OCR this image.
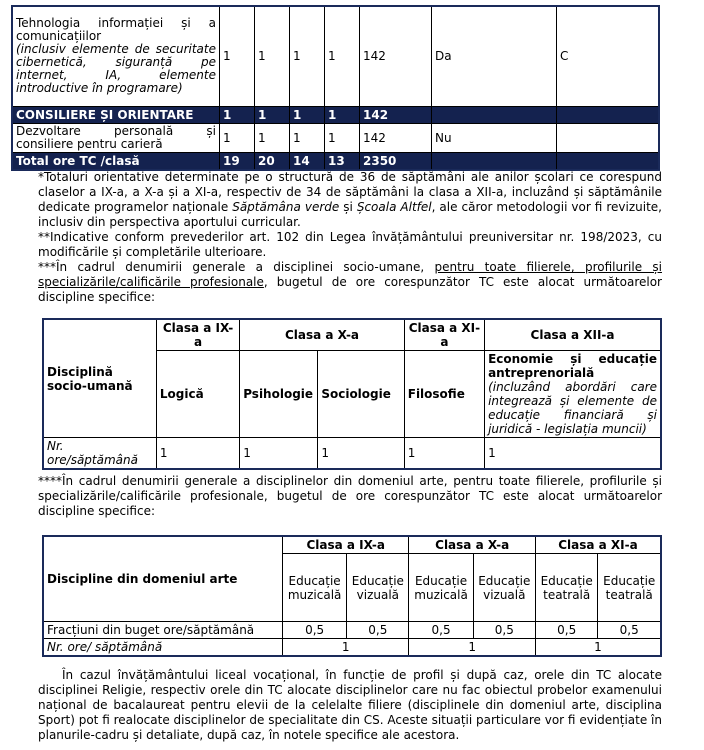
Tehnologia informației și a comunicațiilor
(inclusiv elemente de securitate cibernetică, siguranță pe internet, IA, elemente introductive în programare)	1	1	1	1	142	Da	C
CONSILIERE ȘI ORIENTARE	1	1	1	1	142		
Dezvoltare personală și consiliere pentru carieră	1	1	1	1	142	Nu	
Total ore TC /clasă	19	20	14	13	2350		

*Totaluri orientative determinate pe o structură de 36 de săptămâni ale anilor școlari ce corespund claselor a IX-a, a X-a și a XI-a, respectiv de 34 de săptămâni la clasa a XII-a, incluzând și săptămânile dedicate programelor naționale Săptămâna verde și Școala Altfel, ale căror metodologii vor fi revizuite, inclusiv din perspectiva aportului curricular.

**Indicative conform prevederilor art. 102 din Legea învățământului preuniversitar nr. 198/2023, cu modificările și completările ulterioare.

***În cadrul denumirii generale a disciplinei socio-umane, pentru toate filierele, profilurile și specializările/calificările profesionale, bugetul de ore corespunzător TC este alocat următoarelor discipline specifice:

Disciplină socio-umană	Clasa a IX-a	Clasa a X-a		Clasa a XI-a	Clasa a XII-a
	Logică	Psihologie	Sociologie	Filosofie	Economie și educație antreprenorială
(incluzând abordări care integrează și elemente de educație financiară și juridică - legislația muncii)
Nr. ore/săptămână	1	1	1	1	1
****În cadrul denumirii generale a disciplinelor din domeniul arte, pentru toate filierele, profilurile și specializările/calificările profesionale, bugetul de ore corespunzător TC este alocat următoarelor discipline specifice:
Discipline din domeniul arte	Clasa a IX-a		Clasa a X-a		Clasa a XI-a	
	Educație muzicală	Educație vizuală	Educație muzicală	Educație vizuală	Educație teatrală	Educație teatrală
Fracțiuni din buget ore/săptămână	0,5	0,5	0,5	0,5	0,5	0,5
Nr. ore/ săptămână	1		1		1	
În cazul învățământului liceal vocațional, în funcție de profil și după caz, orele din TC alocate disciplinei Religie, respectiv orele din TC alocate disciplinelor care nu fac obiectul probelor examenului național de bacalaureat pentru elevii de la celelalte filiere (disciplinele din domeniul arte, disciplina Sport) pot fi realocate disciplinelor de specialitate din CS. Aceste situații particulare vor fi evidențiate în planurile-cadru și detaliate, după caz, în notele specifice ale acestora.
